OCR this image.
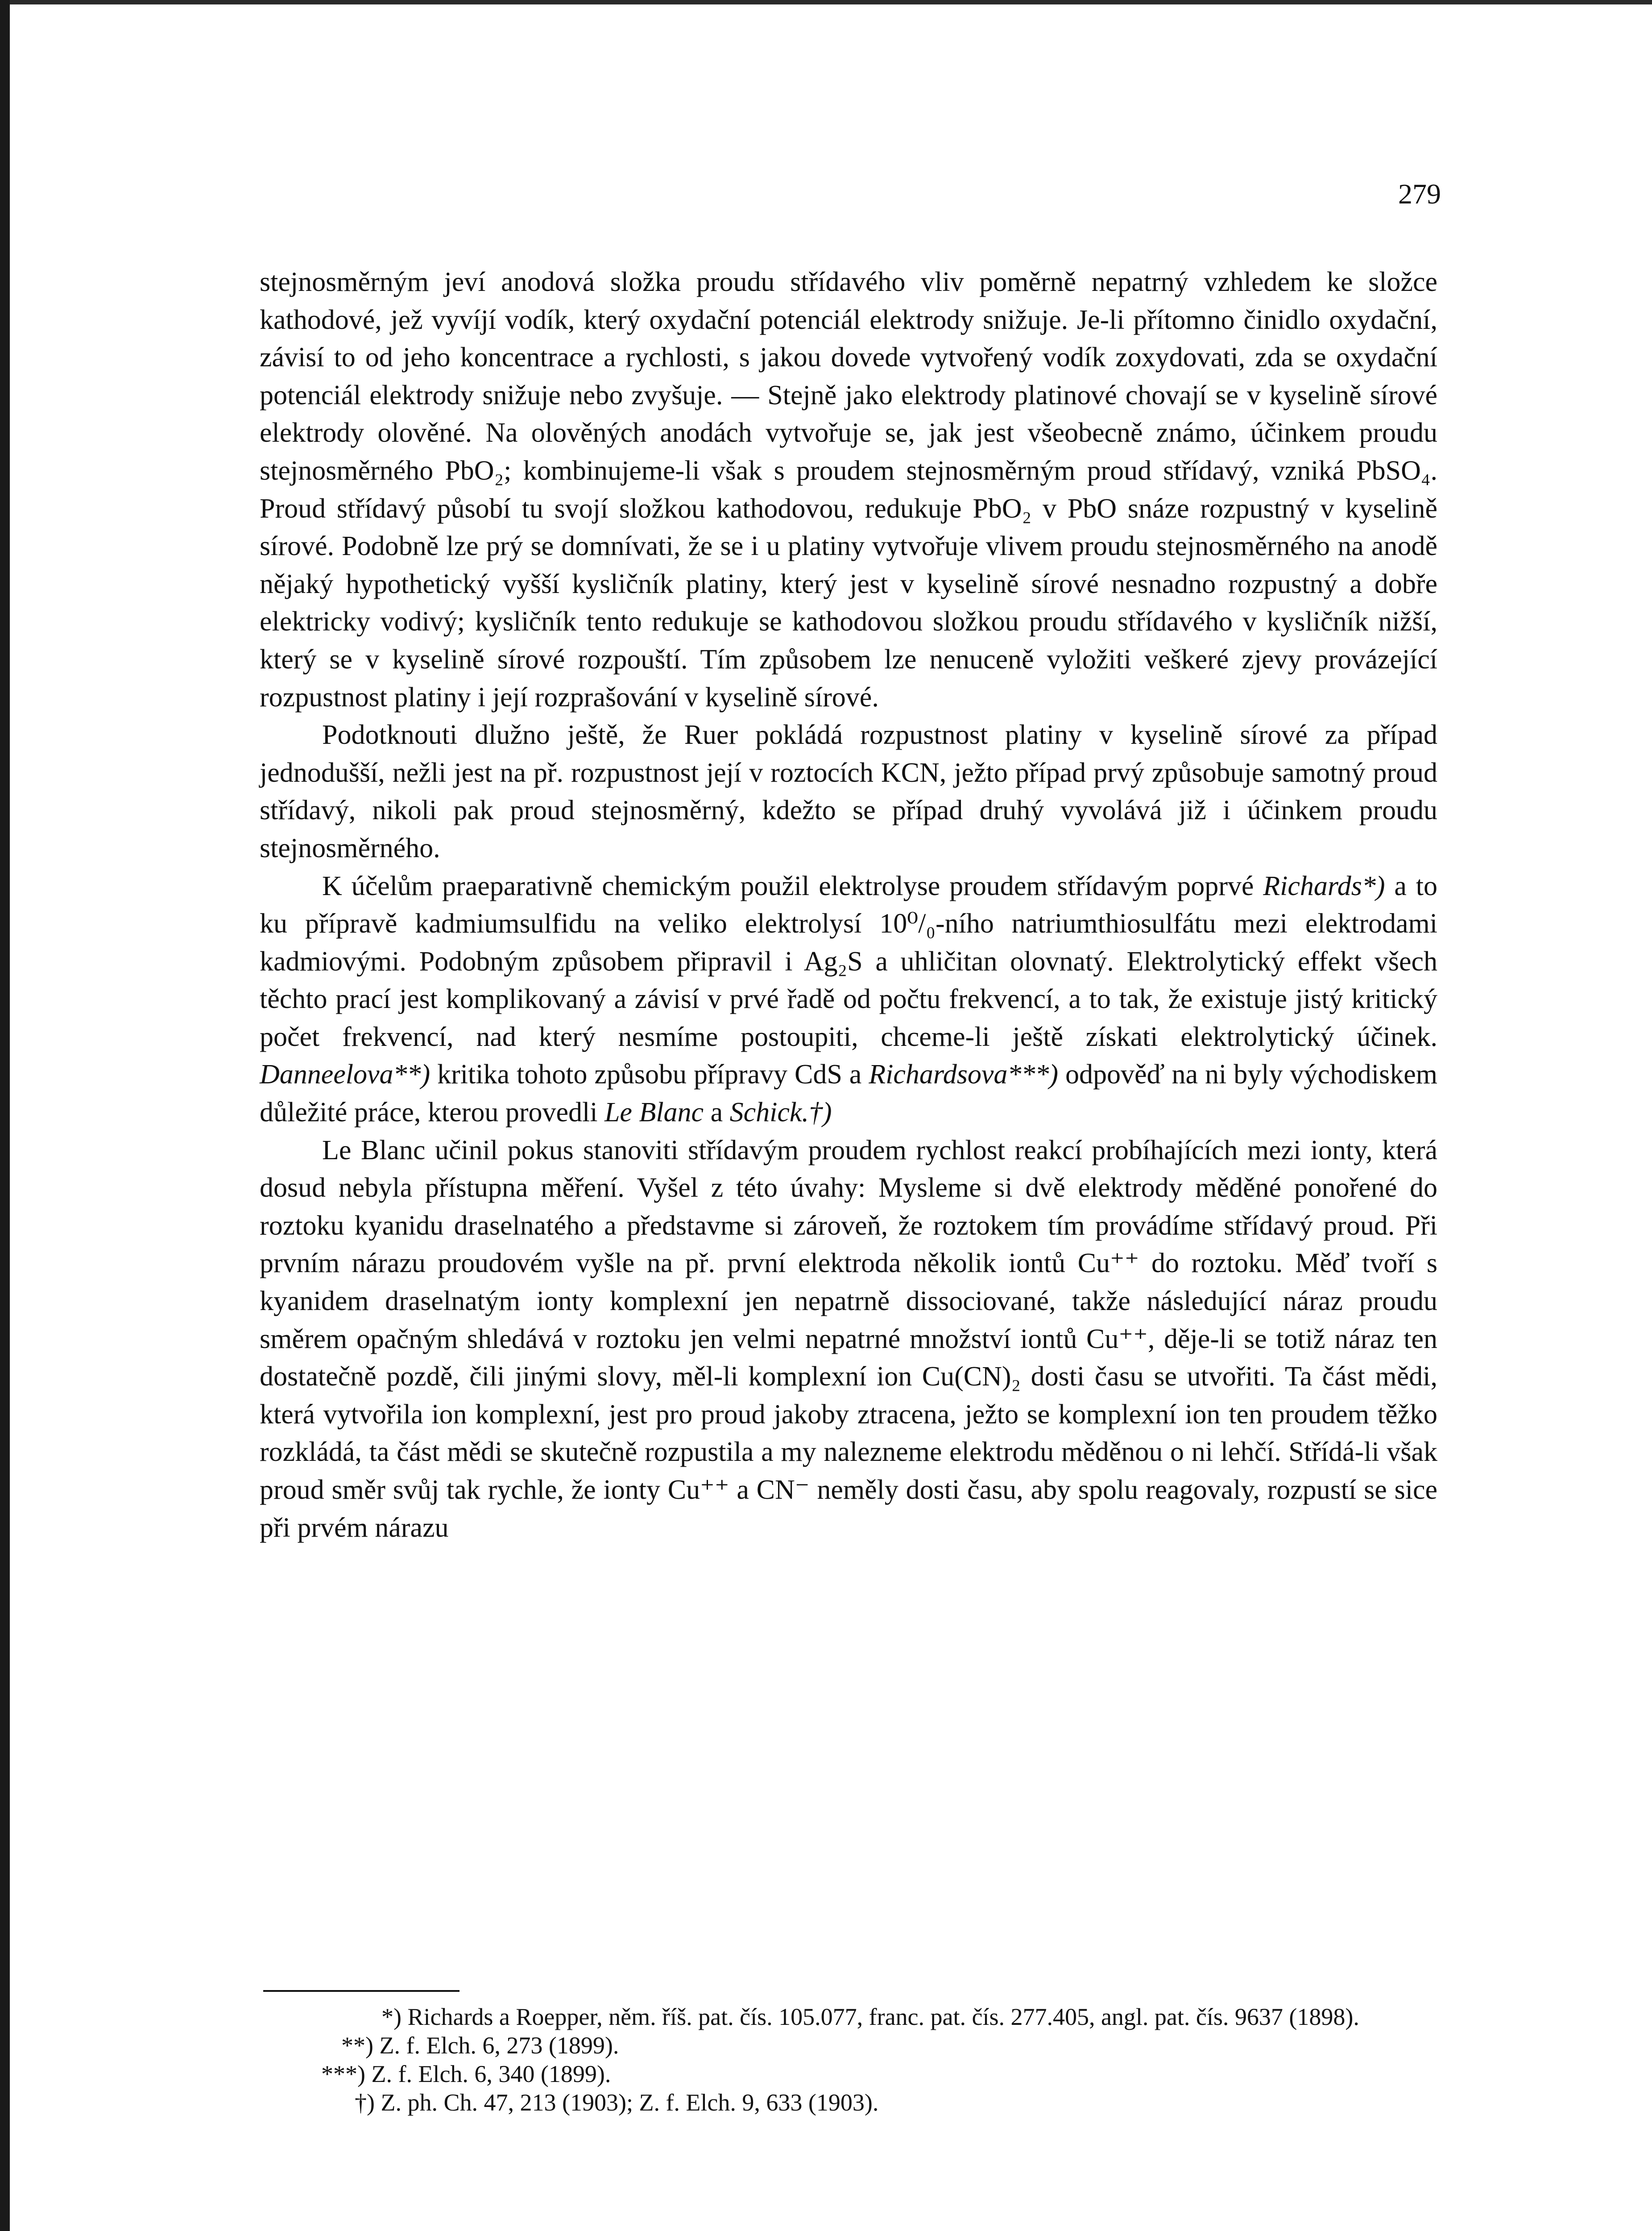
279

stejnosměrným jeví anodová složka proudu střídavého vliv poměrně nepatrný vzhledem ke složce kathodové, jež vyvíjí vodík, který oxydační potenciál elektrody snižuje. Je-li přítomno činidlo oxydační, závisí to od jeho koncentrace a rychlosti, s jakou dovede vytvořený vodík zoxydovati, zda se oxydační potenciál elektrody snižuje nebo zvyšuje. — Stejně jako elektrody platinové chovají se v kyselině sírové elektrody olověné. Na olověných anodách vytvořuje se, jak jest všeobecně známo, účinkem proudu stejnosměrného PbO₂; kombinujeme-li však s proudem stejnosměrným proud střídavý, vzniká PbSO₄. Proud střídavý působí tu svojí složkou kathodovou, redukuje PbO₂ v PbO snáze rozpustný v kyselině sírové. Podobně lze prý se domnívati, že se i u platiny vytvořuje vlivem proudu stejnosměrného na anodě nějaký hypothetický vyšší kysličník platiny, který jest v kyselině sírové nesnadno rozpustný a dobře elektricky vodivý; kysličník tento redukuje se kathodovou složkou proudu střídavého v kysličník nižší, který se v kyselině sírové rozpouští. Tím způsobem lze nenuceně vyložiti veškeré zjevy provázející rozpustnost platiny i její rozprašování v kyselině sírové.

Podotknouti dlužno ještě, že Ruer pokládá rozpustnost platiny v kyselině sírové za případ jednodušší, nežli jest na př. rozpustnost její v roztocích KCN, ježto případ prvý způsobuje samotný proud střídavý, nikoli pak proud stejnosměrný, kdežto se případ druhý vyvolává již i účinkem proudu stejnosměrného.

K účelům praeparativně chemickým použil elektrolyse proudem střídavým poprvé Richards*) a to ku přípravě kadmiumsulfidu na veliko elektrolysí 10⁰/₀-ního natriumthiosulfátu mezi elektrodami kadmiovými. Podobným způsobem připravil i Ag₂S a uhličitan olovnatý. Elektrolytický effekt všech těchto prací jest komplikovaný a závisí v prvé řadě od počtu frekvencí, a to tak, že existuje jistý kritický počet frekvencí, nad který nesmíme postoupiti, chceme-li ještě získati elektrolytický účinek. Danneelova**) kritika tohoto způsobu přípravy CdS a Richardsova***) odpověď na ni byly východiskem důležité práce, kterou provedli Le Blanc a Schick.†)

Le Blanc učinil pokus stanoviti střídavým proudem rychlost reakcí probíhajících mezi ionty, která dosud nebyla přístupna měření. Vyšel z této úvahy: Mysleme si dvě elektrody měděné ponořené do roztoku kyanidu draselnatého a představme si zároveň, že roztokem tím provádíme střídavý proud. Při prvním nárazu proudovém vyšle na př. první elektroda několik iontů Cu⁺⁺ do roztoku. Měď tvoří s kyanidem draselnatým ionty komplexní jen nepatrně dissociované, takže následující náraz proudu směrem opačným shledává v roztoku jen velmi nepatrné množství iontů Cu⁺⁺, děje-li se totiž náraz ten dostatečně pozdě, čili jinými slovy, měl-li komplexní ion Cu(CN)₂ dosti času se utvořiti. Ta část mědi, která vytvořila ion komplexní, jest pro proud jakoby ztracena, ježto se komplexní ion ten proudem těžko rozkládá, ta část mědi se skutečně rozpustila a my nalezneme elektrodu měděnou o ni lehčí. Střídá-li však proud směr svůj tak rychle, že ionty Cu⁺⁺ a CN⁻ neměly dosti času, aby spolu reagovaly, rozpustí se sice při prvém nárazu

*) Richards a Roepper, něm. říš. pat. čís. 105.077, franc. pat. čís. 277.405, angl. pat. čís. 9637 (1898).

**) Z. f. Elch. 6, 273 (1899).

***) Z. f. Elch. 6, 340 (1899).

†) Z. ph. Ch. 47, 213 (1903); Z. f. Elch. 9, 633 (1903).
